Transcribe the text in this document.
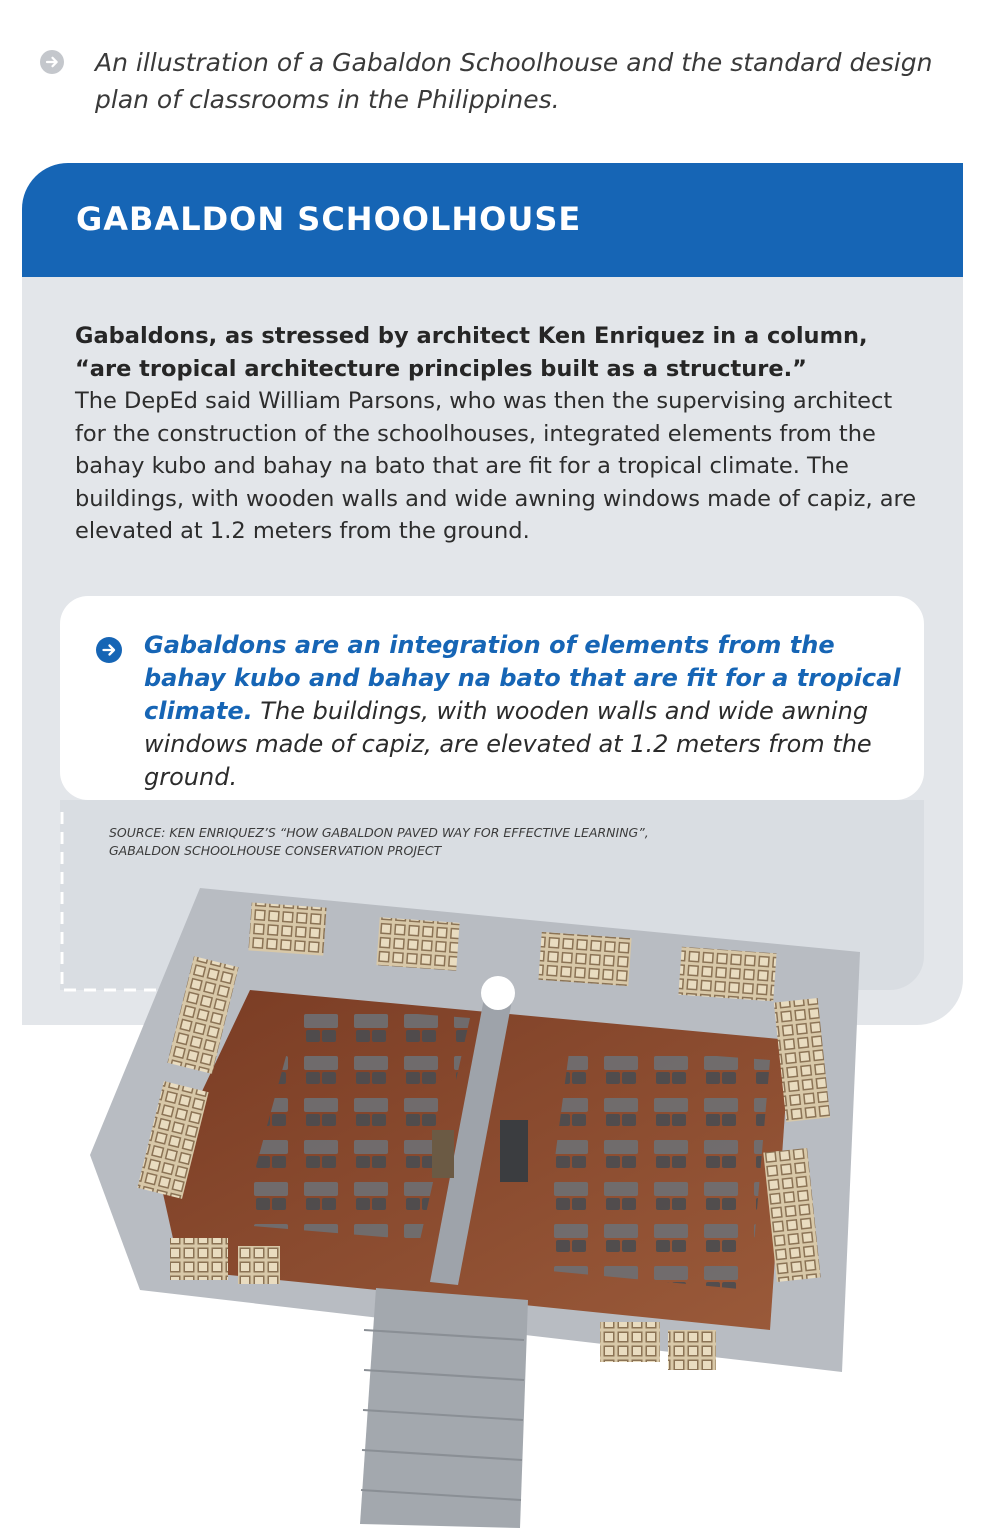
An illustration of a Gabaldon Schoolhouse and the standard design plan of classrooms in the Philippines.
GABALDON SCHOOLHOUSE
Gabaldons, as stressed by architect Ken Enriquez in a column, “are tropical architecture principles built as a structure.”
The DepEd said William Parsons, who was then the supervising architect for the construction of the schoolhouses, integrated elements from the bahay kubo and bahay na bato that are fit for a tropical climate. The buildings, with wooden walls and wide awning windows made of capiz, are elevated at 1.2 meters from the ground.
Gabaldons are an integration of elements from the bahay kubo and bahay na bato that are fit for a tropical climate. The buildings, with wooden walls and wide awning windows made of capiz, are elevated at 1.2 meters from the ground.
SOURCE: KEN ENRIQUEZ’S “HOW GABALDON PAVED WAY FOR EFFECTIVE LEARNING”,
GABALDON SCHOOLHOUSE CONSERVATION PROJECT
